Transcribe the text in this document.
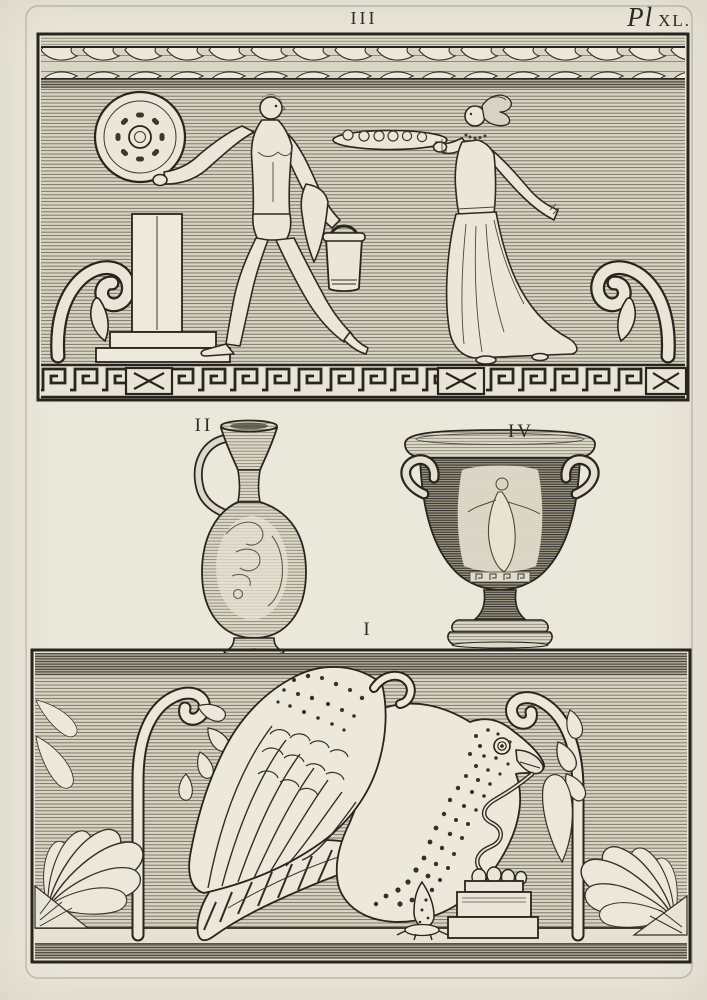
III	Pl XL.
II	IV
I
